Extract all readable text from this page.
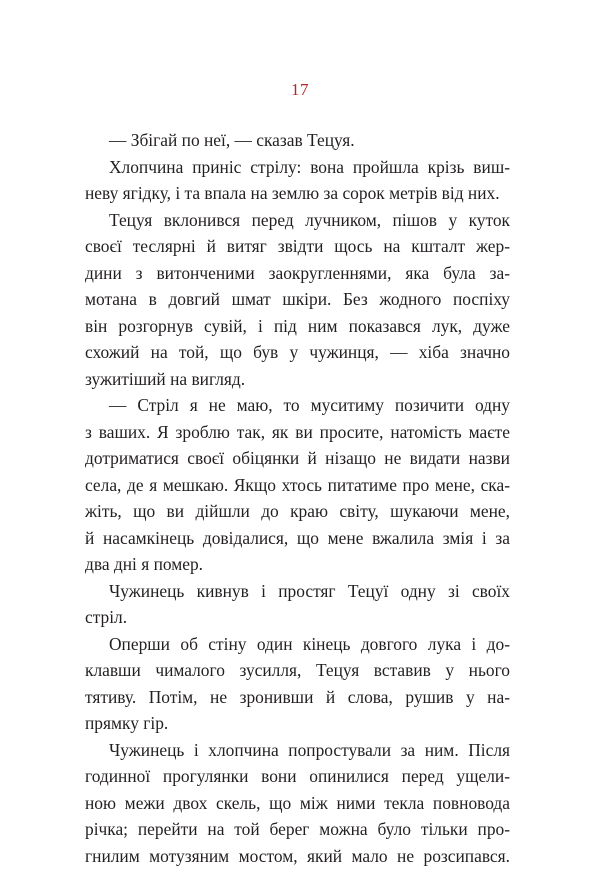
17
— Збігай по неї, — сказав Тецуя.
Хлопчина приніс стрілу: вона пройшла крізь виш-
неву ягідку, і та впала на землю за сорок метрів від них.
Тецуя вклонився перед лучником, пішов у куток
своєї теслярні й витяг звідти щось на кшталт жер-
дини з витонченими заокругленнями, яка була за-
мотана в довгий шмат шкіри. Без жодного поспіху
він розгорнув сувій, і під ним показався лук, дуже
схожий на той, що був у чужинця, — хіба значно
зужитіший на вигляд.
— Стріл я не маю, то муситиму позичити одну
з ваших. Я зроблю так, як ви просите, натомість маєте
дотриматися своєї обіцянки й нізащо не видати назви
села, де я мешкаю. Якщо хтось питатиме про мене, ска-
жіть, що ви дійшли до краю світу, шукаючи мене,
й насамкінець довідалися, що мене вжалила змія і за
два дні я помер.
Чужинець кивнув і простяг Тецуї одну зі своїх
стріл.
Оперши об стіну один кінець довгого лука і до-
клавши чималого зусилля, Тецуя вставив у нього
тятиву. Потім, не зронивши й слова, рушив у на-
прямку гір.
Чужинець і хлопчина попростували за ним. Після
годинної прогулянки вони опинилися перед ущели-
ною межи двох скель, що між ними текла повновода
річка; перейти на той берег можна було тільки про-
гнилим мотузяним мостом, який мало не розсипався.
